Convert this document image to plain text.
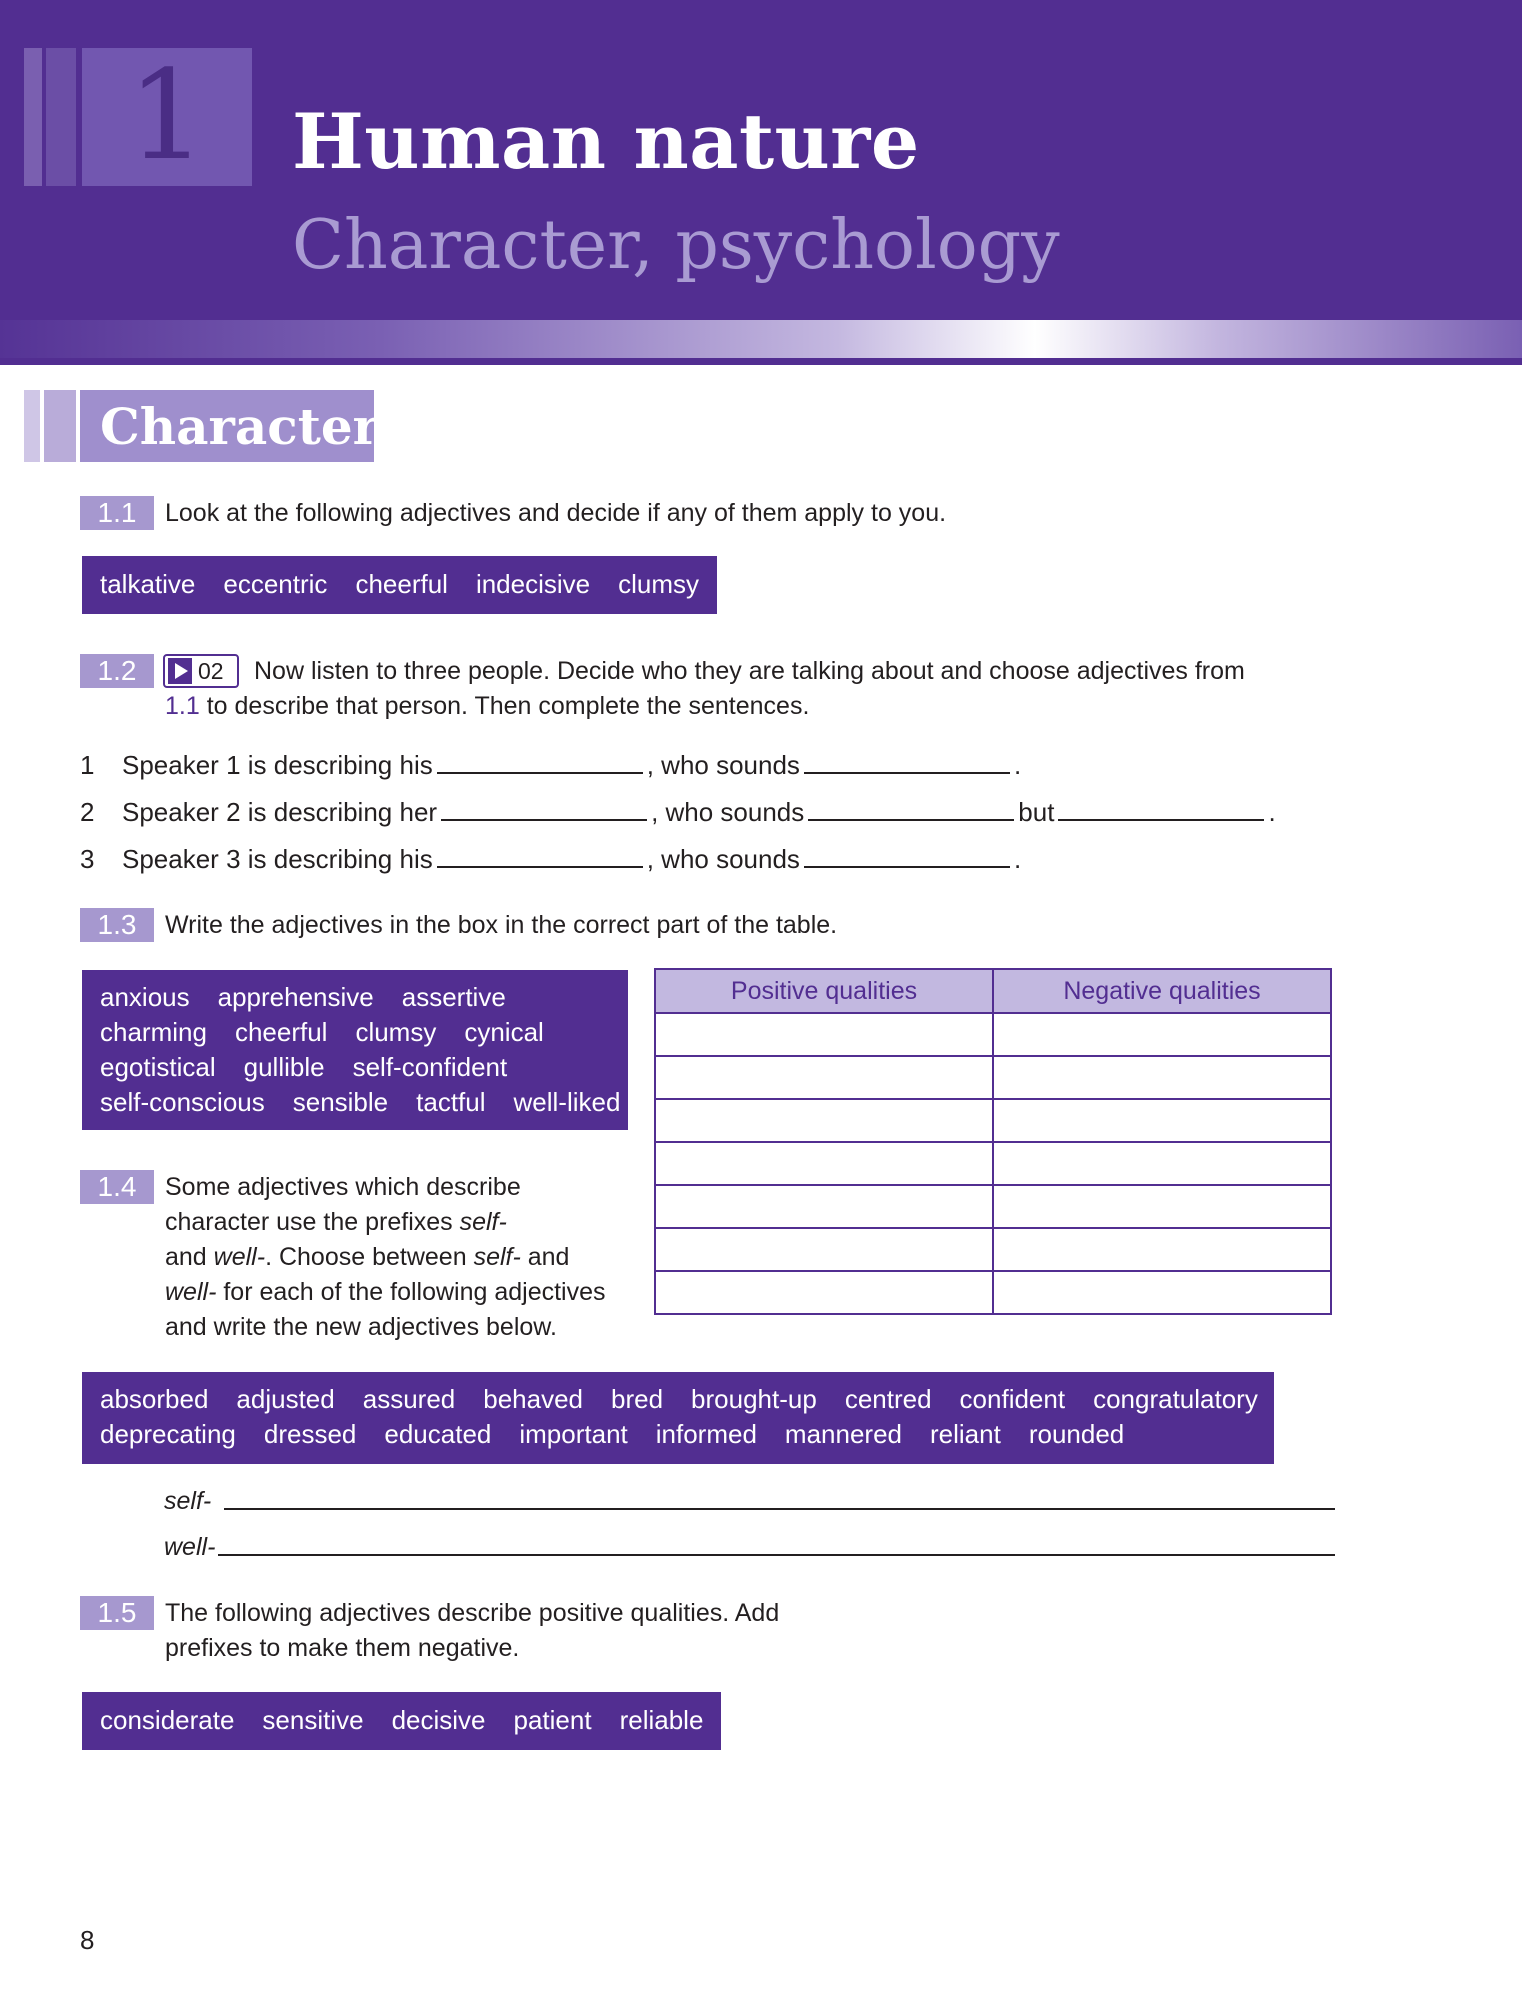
1	Human nature
Character, psychology
Character
1.1	Look at the following adjectives and decide if any of them apply to you.
talkative eccentric cheerful indecisive clumsy
1.2	02 Now listen to three people. Decide who they are talking about and choose adjectives from
1.1 to describe that person. Then complete the sentences.
1 Speaker 1 is describing his	, who sounds	.
2 Speaker 2 is describing her	, who sounds	but	.
3 Speaker 3 is describing his	, who sounds	.
1.3	Write the adjectives in the box in the correct part of the table.
anxious apprehensive assertive
charming cheerful clumsy cynical
egotistical gullible self-confident
self-conscious sensible tactful well-liked
Positive qualities	Negative qualities

1.4	Some adjectives which describe
character use the prefixes self-
and well-. Choose between self- and
well- for each of the following adjectives
and write the new adjectives below.
absorbed adjusted assured behaved bred brought-up centred confident congratulatory
deprecating dressed educated important informed mannered reliant rounded
self-
well-
1.5	The following adjectives describe positive qualities. Add
prefixes to make them negative.
considerate sensitive decisive patient reliable
8
